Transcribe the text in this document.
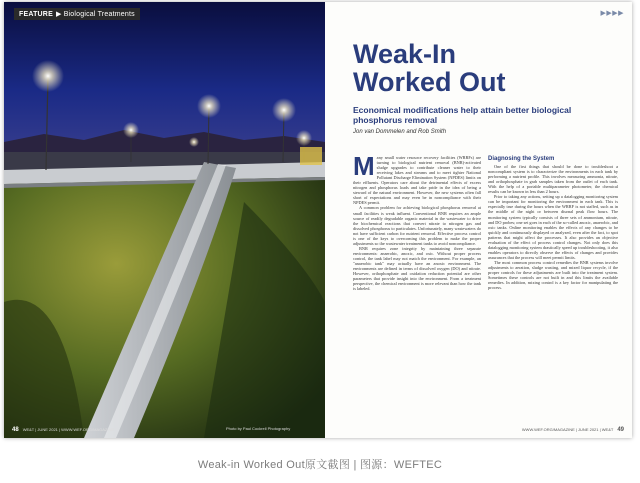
FEATURE ▶ Biological Treatments
48 WE&T | JUNE 2021 | WWW.WEF.ORG/MAGAZINE	Photo by Paul Cockrell Photography
▶▶▶▶
Weak-In
Worked Out
Economical modifications help attain better biological phosphorus removal
Jon van Dommelen and Rob Smith
M any small water resource recovery facilities (WRRFs) are turning to biological nutrient removal (BNR)-activated sludge upgrades to contribute cleaner water to their receiving lakes and streams and to meet tighter National Pollutant Discharge Elimination System (NPDES) limits on their effluents. Operators care about the detrimental effects of excess nitrogen and phosphorus loads and take pride in the idea of being a steward of the natural environment. However, the new systems often fall short of expectations and may even be in noncompliance with their NPDES permit.

A common problem for achieving biological phosphorus removal at small facilities is weak influent. Conventional BNR requires an ample source of readily degradable organic material in the wastewater to drive the biochemical reactions that convert nitrate to nitrogen gas and dissolved phosphorus to particulates. Unfortunately, many wastewaters do not have sufficient carbon for nutrient removal. Effective process control is one of the keys to overcoming this problem to make the proper adjustments so the wastewater treatment tanks to avoid noncompliance.

BNR requires zone integrity by maintaining three separate environments: anaerobic, anoxic, and oxic. Without proper process control, the tank label may not match the environment. For example, an "anaerobic tank" may actually have an anoxic environment. The environments are defined in terms of dissolved oxygen (DO) and nitrate. However, orthophosphate and oxidation reduction potential are other parameters that provide insight into the environment. From a treatment perspective, the chemical environment is more relevant than how the tank is labeled.

Diagnosing the System

One of the first things that should be done to troubleshoot a noncompliant system is to characterize the environments in each tank by performing a nutrient profile. This involves measuring ammonia, nitrate, and orthophosphate in grab samples taken from the outlet of each tank. With the help of a portable multiparameter photometer, the chemical results can be known in less than 2 hours.

Prior to taking any actions, setting up a datalogging monitoring system can be important for monitoring the environment in each tank. This is especially true during the hours when the WRRF is not staffed, such as in the middle of the night or between diurnal peak flow hours. The monitoring system typically consists of three sets of ammonium, nitrate, and DO probes; one set goes in each of the so-called anoxic, anaerobic, and oxic tanks. Online monitoring enables the effects of any changes to be quickly and continuously displayed or analyzed, even after the fact, to spot patterns that might affect the processes. It also provides an objective evaluation of the effect of process control changes. Not only does this datalogging monitoring system drastically speed up troubleshooting, it also enables operators to directly observe the effects of changes and provides assurances that the process will meet permit limits.

The most common process control remedies the BNR systems involve adjustments to aeration, sludge wasting, and mixed liquor recycle, if the proper controls for these adjustments are built into the treatment system. Sometimes these controls are not built in and this limits the available remedies. In addition, mixing control is a key factor for manipulating the process.

WWW.WEF.ORG/MAGAZINE | JUNE 2021 | WE&T 49
Weak-in Worked Out原文截图 | 图源：WEFTEC
